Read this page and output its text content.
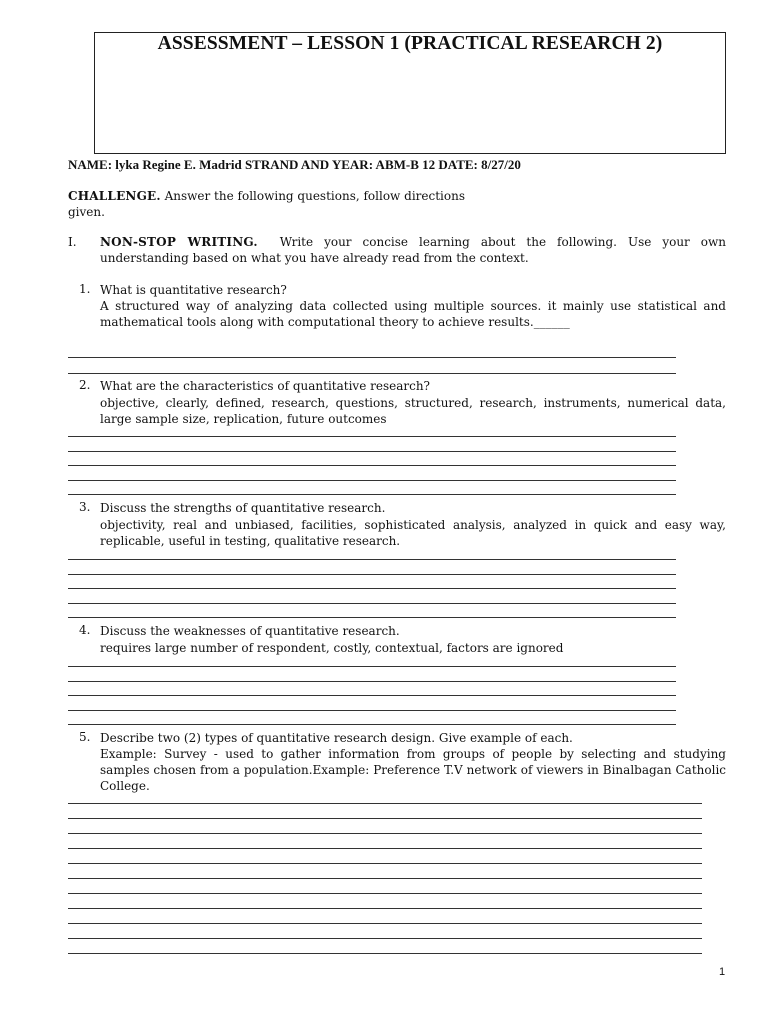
ASSESSMENT – LESSON 1 (PRACTICAL RESEARCH 2)
NAME: lyka Regine E. Madrid STRAND AND YEAR: ABM-B 12 DATE: 8/27/20
CHALLENGE. Answer the following questions, follow directions
given.
I. NON-STOP WRITING. Write your concise learning about the following. Use your own understanding based on what you have already read from the context.
1. What is quantitative research?
A structured way of analyzing data collected using multiple sources. it mainly use statistical and mathematical tools along with computational theory to achieve results.______
2. What are the characteristics of quantitative research?
objective, clearly, defined, research, questions, structured, research, instruments, numerical data, large sample size, replication, future outcomes
3. Discuss the strengths of quantitative research.
objectivity, real and unbiased, facilities, sophisticated analysis, analyzed in quick and easy way, replicable, useful in testing, qualitative research.
4. Discuss the weaknesses of quantitative research.
requires large number of respondent, costly, contextual, factors are ignored
5. Describe two (2) types of quantitative research design. Give example of each.
Example: Survey - used to gather information from groups of people by selecting and studying samples chosen from a population.Example: Preference T.V network of viewers in Binalbagan Catholic College.
1
